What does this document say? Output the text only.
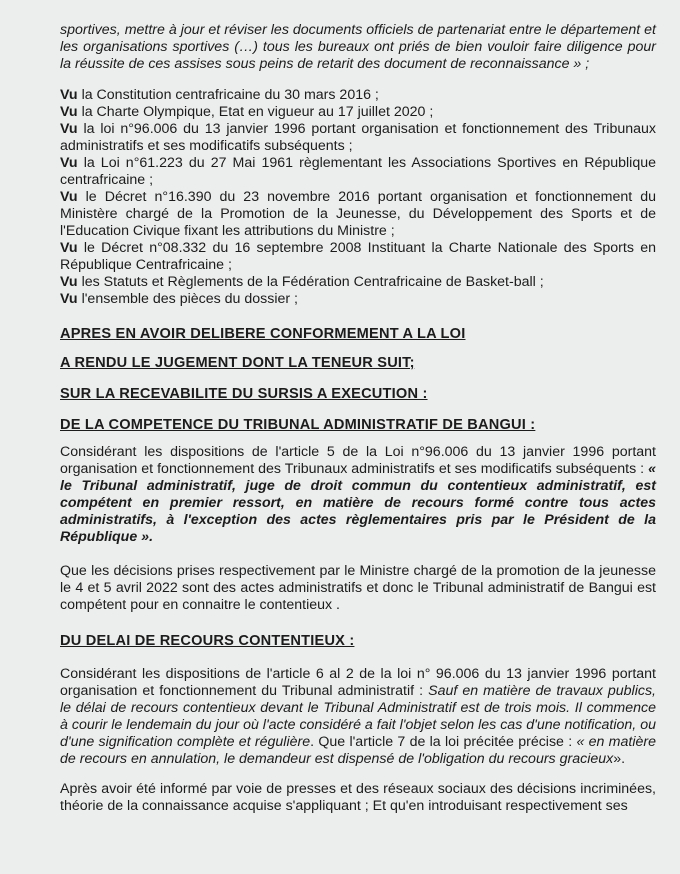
sportives, mettre à jour et réviser les documents officiels de partenariat entre le département et les organisations sportives (…) tous les bureaux ont priés de bien vouloir faire diligence pour la réussite de ces assises sous peins de retarit des document de reconnaissance » ;

Vu la Constitution centrafricaine du 30 mars 2016 ;
Vu la Charte Olympique, Etat en vigueur au 17 juillet 2020 ;
Vu la loi n°96.006 du 13 janvier 1996 portant organisation et fonctionnement des Tribunaux administratifs et ses modificatifs subséquents ;
Vu la Loi n°61.223 du 27 Mai 1961 règlementant les Associations Sportives en République centrafricaine ;
Vu le Décret n°16.390 du 23 novembre 2016 portant organisation et fonctionnement du Ministère chargé de la Promotion de la Jeunesse, du Développement des Sports et de l'Education Civique fixant les attributions du Ministre ;
Vu le Décret n°08.332 du 16 septembre 2008 Instituant la Charte Nationale des Sports en République Centrafricaine ;
Vu les Statuts et Règlements de la Fédération Centrafricaine de Basket-ball ;
Vu l'ensemble des pièces du dossier ;
APRES EN AVOIR DELIBERE CONFORMEMENT A LA LOI
A RENDU LE JUGEMENT DONT LA TENEUR SUIT;
SUR LA RECEVABILITE DU SURSIS A EXECUTION :
DE LA COMPETENCE DU TRIBUNAL ADMINISTRATIF DE BANGUI :
Considérant les dispositions de l'article 5 de la Loi n°96.006 du 13 janvier 1996 portant organisation et fonctionnement des Tribunaux administratifs et ses modificatifs subséquents : « le Tribunal administratif, juge de droit commun du contentieux administratif, est compétent en premier ressort, en matière de recours formé contre tous actes administratifs, à l'exception des actes règlementaires pris par le Président de la République ».
Que les décisions prises respectivement par le Ministre chargé de la promotion de la jeunesse le 4 et 5 avril 2022 sont des actes administratifs et donc le Tribunal administratif de Bangui est compétent pour en connaitre le contentieux .
DU DELAI DE RECOURS CONTENTIEUX :
Considérant les dispositions de l'article 6 al 2 de la loi n° 96.006 du 13 janvier 1996 portant organisation et fonctionnement du Tribunal administratif : Sauf en matière de travaux publics, le délai de recours contentieux devant le Tribunal Administratif est de trois mois. Il commence à courir le lendemain du jour où l'acte considéré a fait l'objet selon les cas d'une notification, ou d'une signification complète et régulière. Que l'article 7 de la loi précitée précise : « en matière de recours en annulation, le demandeur est dispensé de l'obligation du recours gracieux».
Après avoir été informé par voie de presses et des réseaux sociaux des décisions incriminées, théorie de la connaissance acquise s'appliquant ; Et qu'en introduisant respectivement ses
